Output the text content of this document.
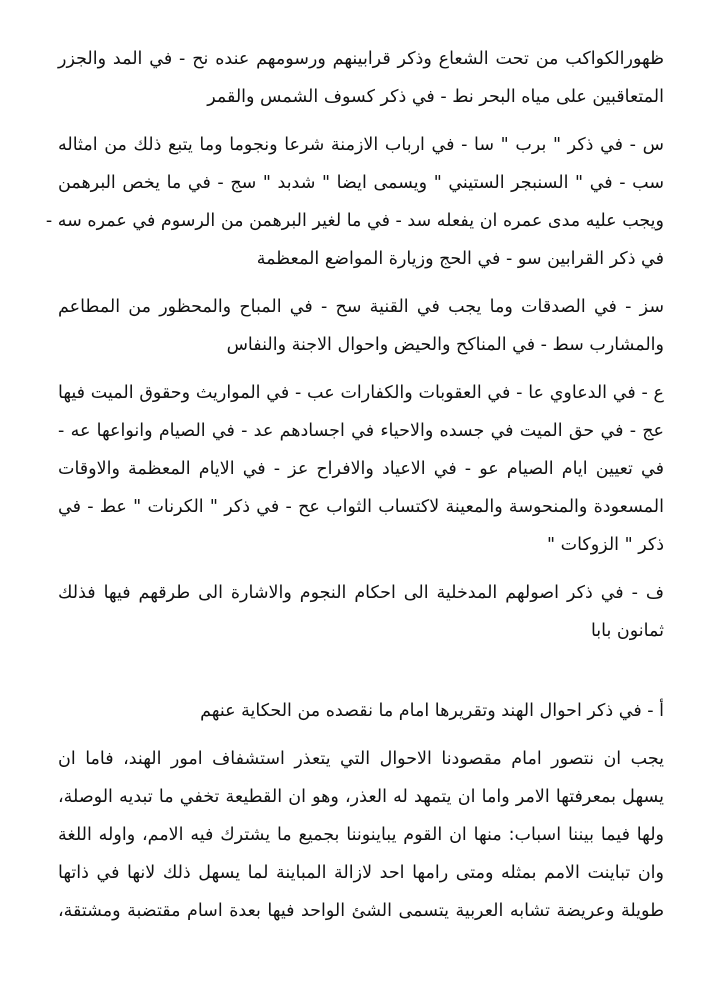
ظهورالكواكب من تحت الشعاع وذكر قرابينهم ورسومهم عنده نح - في المد والجزر
المتعاقبين على مياه البحر نط - في ذكر كسوف الشمس والقمر
س - في ذكر " برب " سا - في ارباب الازمنة شرعا ونجوما وما يتبع ذلك من امثاله
سب - في " السنبجر الستيني " ويسمى ايضا " شدبد " سج - في ما يخص البرهمن
ويجب عليه مدى عمره ان يفعله سد - في ما لغير البرهمن من الرسوم في عمره سه -
في ذكر القرابين سو - في الحج وزيارة المواضع المعظمة
سز - في الصدقات وما يجب في القنية سح - في المباح والمحظور من المطاعم
والمشارب سط - في المناكح والحيض واحوال الاجنة والنفاس
ع - في الدعاوي عا - في العقوبات والكفارات عب - في المواريث وحقوق الميت فيها
عج - في حق الميت في جسده والاحياء في اجسادهم عد - في الصيام وانواعها عه -
في تعيين ايام الصيام عو - في الاعياد والافراح عز - في الايام المعظمة والاوقات
المسعودة والمنحوسة والمعينة لاكتساب الثواب عح - في ذكر " الكرنات " عط - في
ذكر " الزوكات "
ف - في ذكر اصولهم المدخلية الى احكام النجوم والاشارة الى طرقهم فيها فذلك
ثمانون بابا
أ - في ذكر احوال الهند وتقريرها امام ما نقصده من الحكاية عنهم
يجب ان نتصور امام مقصودنا الاحوال التي يتعذر استشفاف امور الهند، فاما ان
يسهل بمعرفتها الامر واما ان يتمهد له العذر، وهو ان القطيعة تخفي ما تبديه الوصلة،
ولها فيما بيننا اسباب: منها ان القوم يباينوننا بجميع ما يشترك فيه الامم، واوله اللغة
وان تباينت الامم بمثله ومتى رامها احد لازالة المباينة لما يسهل ذلك لانها في ذاتها
طويلة وعريضة تشابه العربية يتسمى الشئ الواحد فيها بعدة اسام مقتضبة ومشتقة،
